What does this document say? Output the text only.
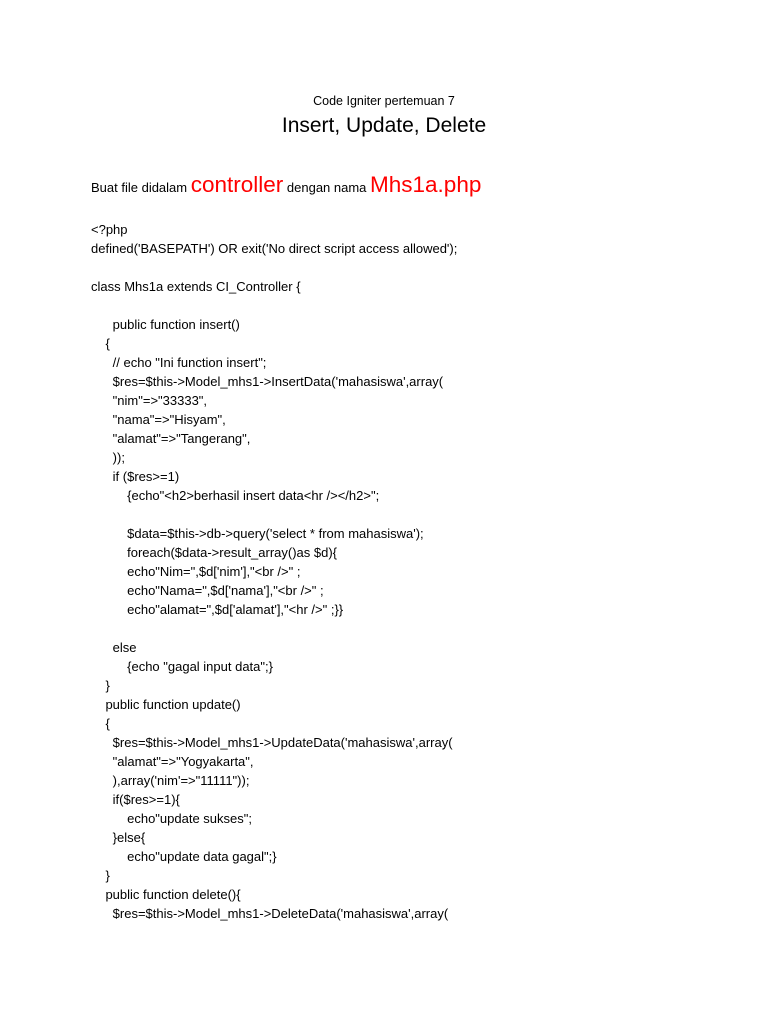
Code Igniter pertemuan 7
Insert, Update, Delete
Buat file didalam controller dengan nama Mhs1a.php
<?php
defined('BASEPATH') OR exit('No direct script access allowed');
class Mhs1a extends CI_Controller {
public function insert()
{
// echo "Ini function insert";
$res=$this->Model_mhs1->InsertData('mahasiswa',array(
"nim"=>"33333",
"nama"=>"Hisyam",
"alamat"=>"Tangerang",
));
if ($res>=1)
{echo"<h2>berhasil insert data<hr /></h2>";
$data=$this->db->query('select * from mahasiswa');
foreach($data->result_array()as $d){
echo"Nim=",$d['nim'],"<br />" ;
echo"Nama=",$d['nama'],"<br />" ;
echo"alamat=",$d['alamat'],"<hr />" ;}}
else
{echo "gagal input data";}
}
public function update()
{
$res=$this->Model_mhs1->UpdateData('mahasiswa',array(
"alamat"=>"Yogyakarta",
),array('nim'=>"11111"));
if($res>=1){
echo"update sukses";
}else{
echo"update data gagal";}
}
public function delete(){
$res=$this->Model_mhs1->DeleteData('mahasiswa',array(
